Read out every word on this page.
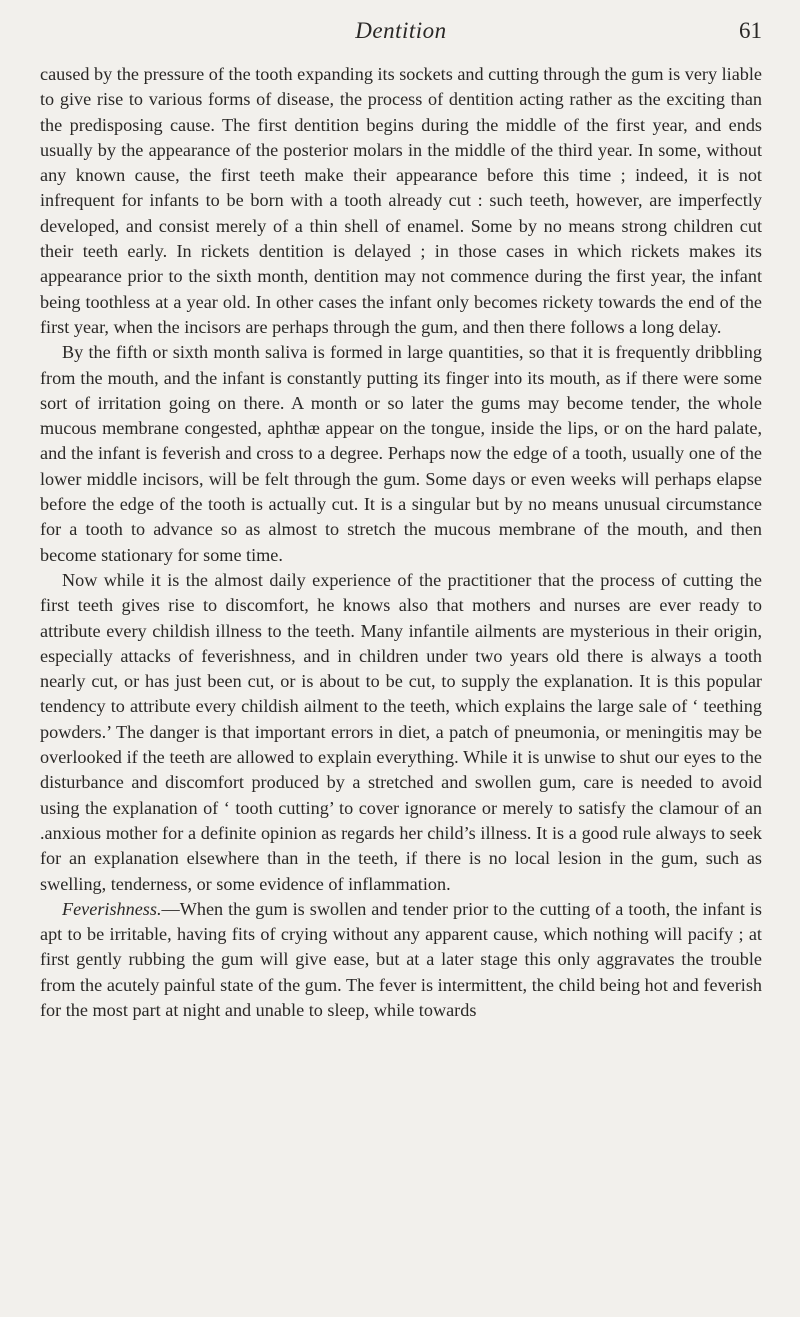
Dentition	61

caused by the pressure of the tooth expanding its sockets and cutting through the gum is very liable to give rise to various forms of disease, the process of dentition acting rather as the exciting than the predisposing cause. The first dentition begins during the middle of the first year, and ends usually by the appearance of the posterior molars in the middle of the third year. In some, without any known cause, the first teeth make their appearance before this time ; indeed, it is not infrequent for infants to be born with a tooth already cut : such teeth, however, are imperfectly developed, and consist merely of a thin shell of enamel. Some by no means strong children cut their teeth early. In rickets dentition is delayed ; in those cases in which rickets makes its appearance prior to the sixth month, dentition may not commence during the first year, the infant being toothless at a year old. In other cases the infant only becomes rickety towards the end of the first year, when the incisors are perhaps through the gum, and then there follows a long delay.

By the fifth or sixth month saliva is formed in large quantities, so that it is frequently dribbling from the mouth, and the infant is constantly putting its finger into its mouth, as if there were some sort of irritation going on there. A month or so later the gums may become tender, the whole mucous membrane congested, aphthæ appear on the tongue, inside the lips, or on the hard palate, and the infant is feverish and cross to a degree. Perhaps now the edge of a tooth, usually one of the lower middle incisors, will be felt through the gum. Some days or even weeks will perhaps elapse before the edge of the tooth is actually cut. It is a singular but by no means unusual circumstance for a tooth to advance so as almost to stretch the mucous membrane of the mouth, and then become stationary for some time.

Now while it is the almost daily experience of the practitioner that the process of cutting the first teeth gives rise to discomfort, he knows also that mothers and nurses are ever ready to attribute every childish illness to the teeth. Many infantile ailments are mysterious in their origin, especially attacks of feverishness, and in children under two years old there is always a tooth nearly cut, or has just been cut, or is about to be cut, to supply the explanation. It is this popular tendency to attribute every childish ailment to the teeth, which explains the large sale of ‘ teething powders.’ The danger is that important errors in diet, a patch of pneumonia, or meningitis may be overlooked if the teeth are allowed to explain everything. While it is unwise to shut our eyes to the disturbance and discomfort produced by a stretched and swollen gum, care is needed to avoid using the explanation of ‘ tooth cutting’ to cover ignorance or merely to satisfy the clamour of an .anxious mother for a definite opinion as regards her child’s illness. It is a good rule always to seek for an explanation elsewhere than in the teeth, if there is no local lesion in the gum, such as swelling, tenderness, or some evidence of inflammation.

Feverishness.—When the gum is swollen and tender prior to the cutting of a tooth, the infant is apt to be irritable, having fits of crying without any apparent cause, which nothing will pacify ; at first gently rubbing the gum will give ease, but at a later stage this only aggravates the trouble from the acutely painful state of the gum. The fever is intermittent, the child being hot and feverish for the most part at night and unable to sleep, while towards
